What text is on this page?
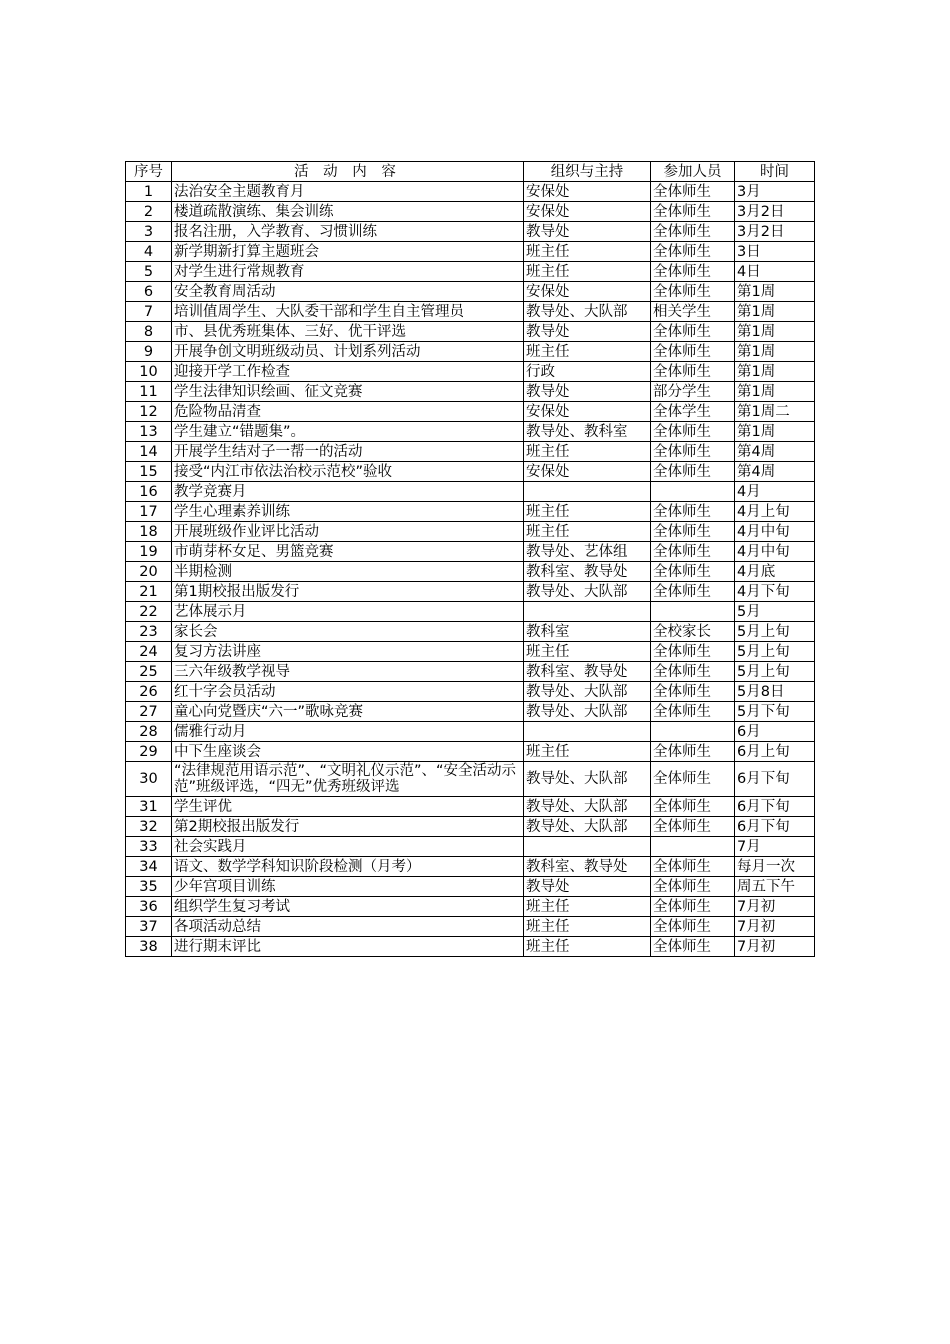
序号	活 动 内 容	组织与主持	参加人员	时间
1	法治安全主题教育月	安保处	全体师生	3月
2	楼道疏散演练、集会训练	安保处	全体师生	3月2日
3	报名注册，入学教育、习惯训练	教导处	全体师生	3月2日
4	新学期新打算主题班会	班主任	全体师生	3日
5	对学生进行常规教育	班主任	全体师生	4日
6	安全教育周活动	安保处	全体师生	第1周
7	培训值周学生、大队委干部和学生自主管理员	教导处、大队部	相关学生	第1周
8	市、县优秀班集体、三好、优干评选	教导处	全体师生	第1周
9	开展争创文明班级动员、计划系列活动	班主任	全体师生	第1周
10	迎接开学工作检查	行政	全体师生	第1周
11	学生法律知识绘画、征文竞赛	教导处	部分学生	第1周
12	危险物品清查	安保处	全体学生	第1周二
13	学生建立“错题集”。	教导处、教科室	全体师生	第1周
14	开展学生结对子一帮一的活动	班主任	全体师生	第4周
15	接受“内江市依法治校示范校”验收	安保处	全体师生	第4周
16	教学竞赛月			4月
17	学生心理素养训练	班主任	全体师生	4月上旬
18	开展班级作业评比活动	班主任	全体师生	4月中旬
19	市萌芽杯女足、男篮竞赛	教导处、艺体组	全体师生	4月中旬
20	半期检测	教科室、教导处	全体师生	4月底
21	第1期校报出版发行	教导处、大队部	全体师生	4月下旬
22	艺体展示月			5月
23	家长会	教科室	全校家长	5月上旬
24	复习方法讲座	班主任	全体师生	5月上旬
25	三六年级教学视导	教科室、教导处	全体师生	5月上旬
26	红十字会员活动	教导处、大队部	全体师生	5月8日
27	童心向党暨庆“六一”歌咏竞赛	教导处、大队部	全体师生	5月下旬
28	儒雅行动月			6月
29	中下生座谈会	班主任	全体师生	6月上旬
30	“法律规范用语示范”、“文明礼仪示范”、“安全活动示范”班级评选，“四无”优秀班级评选	教导处、大队部	全体师生	6月下旬
31	学生评优	教导处、大队部	全体师生	6月下旬
32	第2期校报出版发行	教导处、大队部	全体师生	6月下旬
33	社会实践月			7月
34	语文、数学学科知识阶段检测（月考）	教科室、教导处	全体师生	每月一次
35	少年宫项目训练	教导处	全体师生	周五下午
36	组织学生复习考试	班主任	全体师生	7月初
37	各项活动总结	班主任	全体师生	7月初
38	进行期末评比	班主任	全体师生	7月初
